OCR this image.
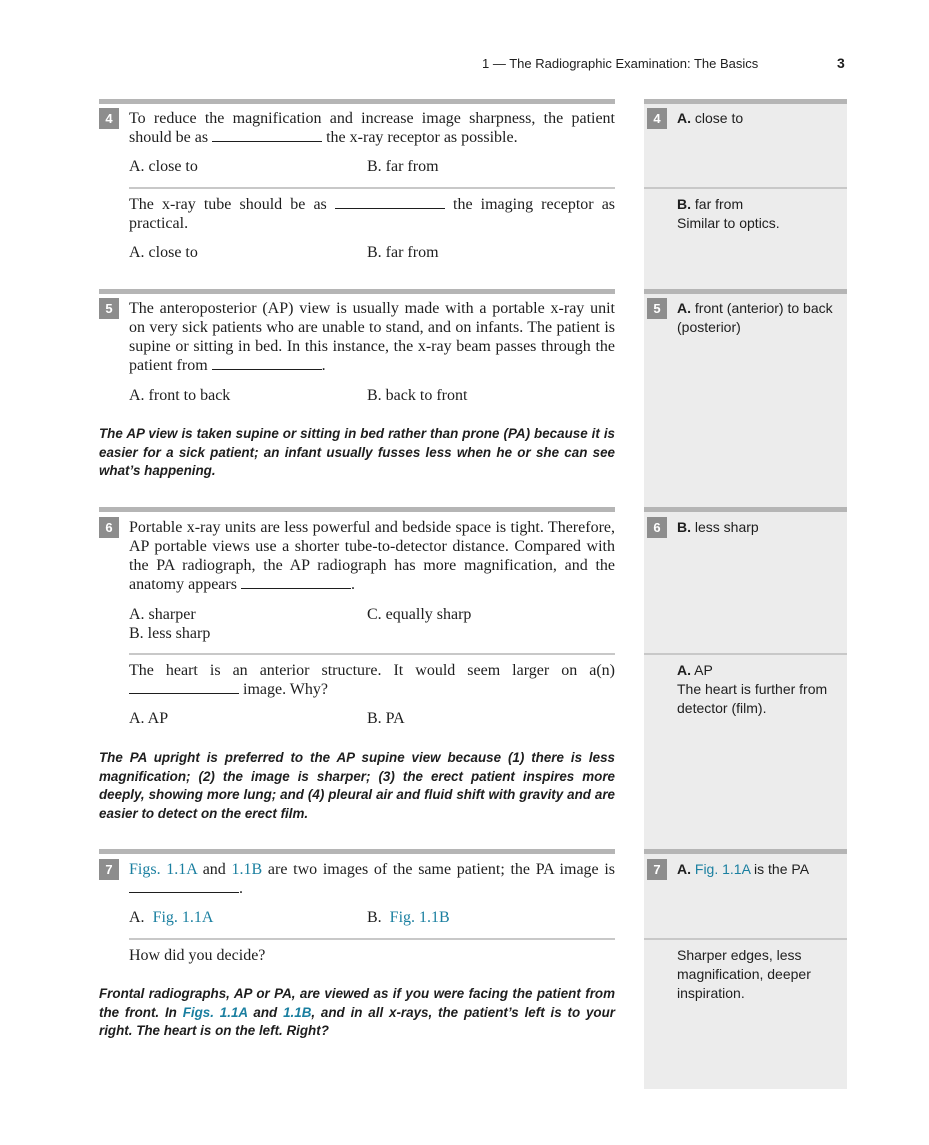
1 — The Radiographic Examination: The Basics	3
4	To reduce the magnification and increase image sharpness, the patient should be as	the x-ray receptor as possible.

A. close to	B. far from

The x-ray tube should be as	the imaging receptor as practical.

A. close to	B. far from
4	A. close to

B. far from
Similar to optics.

5	The anteroposterior (AP) view is usually made with a portable x-ray unit on very sick patients who are unable to stand, and on infants. The patient is supine or sitting in bed. In this instance, the x-ray beam passes through the patient from	.

A. front to back	B. back to front

The AP view is taken supine or sitting in bed rather than prone (PA) because it is easier for a sick patient; an infant usually fusses less when he or she can see what’s happening.

5	A. front (anterior) to back (posterior)

6	Portable x-ray units are less powerful and bedside space is tight. Therefore, AP portable views use a shorter tube-to-detector distance. Compared with the PA radiograph, the AP radiograph has more magnification, and the anatomy appears	.

A. sharper	C. equally sharp
B. less sharp

The heart is an anterior structure. It would seem larger on a(n)  image. Why?

A. AP	B. PA

The PA upright is preferred to the AP supine view because (1) there is less magnification; (2) the image is sharper; (3) the erect patient inspires more deeply, showing more lung; and (4) pleural air and fluid shift with gravity and are easier to detect on the erect film.

6	B. less sharp

A. AP
The heart is further from detector (film).

7	Figs. 1.1A and 1.1B are two images of the same patient; the PA image is .

A. Fig. 1.1A	B. Fig. 1.1B
How did you decide?

Frontal radiographs, AP or PA, are viewed as if you were facing the patient from the front. In Figs. 1.1A and 1.1B, and in all x-rays, the patient’s left is to your right. The heart is on the left. Right?

7	A. Fig. 1.1A is the PA

Sharper edges, less magnification, deeper inspiration.
